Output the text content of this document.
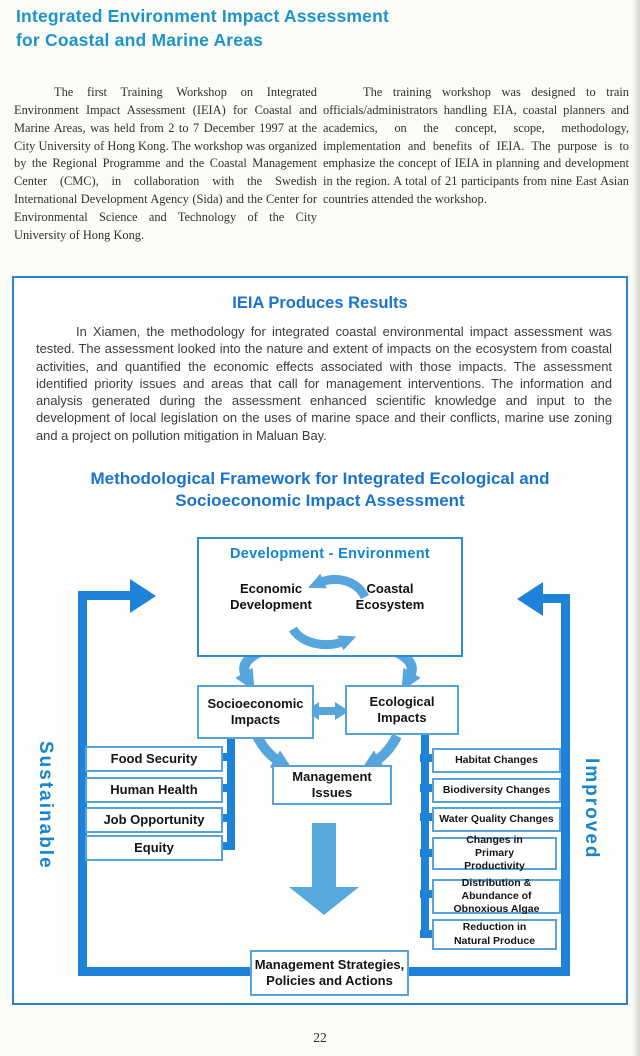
Integrated Environment Impact Assessment
for Coastal and Marine Areas
The first Training Workshop on Integrated Environment Impact Assessment (IEIA) for Coastal and Marine Areas, was held from 2 to 7 December 1997 at the City University of Hong Kong. The workshop was organized by the Regional Programme and the Coastal Management Center (CMC), in collaboration with the Swedish International Development Agency (Sida) and the Center for Environmental Science and Technology of the City University of Hong Kong.
The training workshop was designed to train officials/administrators handling EIA, coastal planners and academics, on the concept, scope, methodology, implementation and benefits of IEIA. The purpose is to emphasize the concept of IEIA in planning and development in the region. A total of 21 participants from nine East Asian countries attended the workshop.
IEIA Produces Results
In Xiamen, the methodology for integrated coastal environmental impact assessment was tested. The assessment looked into the nature and extent of impacts on the ecosystem from coastal activities, and quantified the economic effects associated with those impacts. The assessment identified priority issues and areas that call for management interventions. The information and analysis generated during the assessment enhanced scientific knowledge and input to the development of local legislation on the uses of marine space and their conflicts, marine use zoning and a project on pollution mitigation in Maluan Bay.
Methodological Framework for Integrated Ecological and Socioeconomic Impact Assessment
Development - Environment
Economic Development
Coastal Ecosystem
Socioeconomic Impacts
Ecological Impacts
Management Issues
Food Security
Human Health
Job Opportunity
Equity
Habitat Changes
Biodiversity Changes
Water Quality Changes
Changes in Primary Productivity
Distribution & Abundance of Obnoxious Algae
Reduction in Natural Produce
Management Strategies, Policies and Actions
Sustainable	Improved
22
